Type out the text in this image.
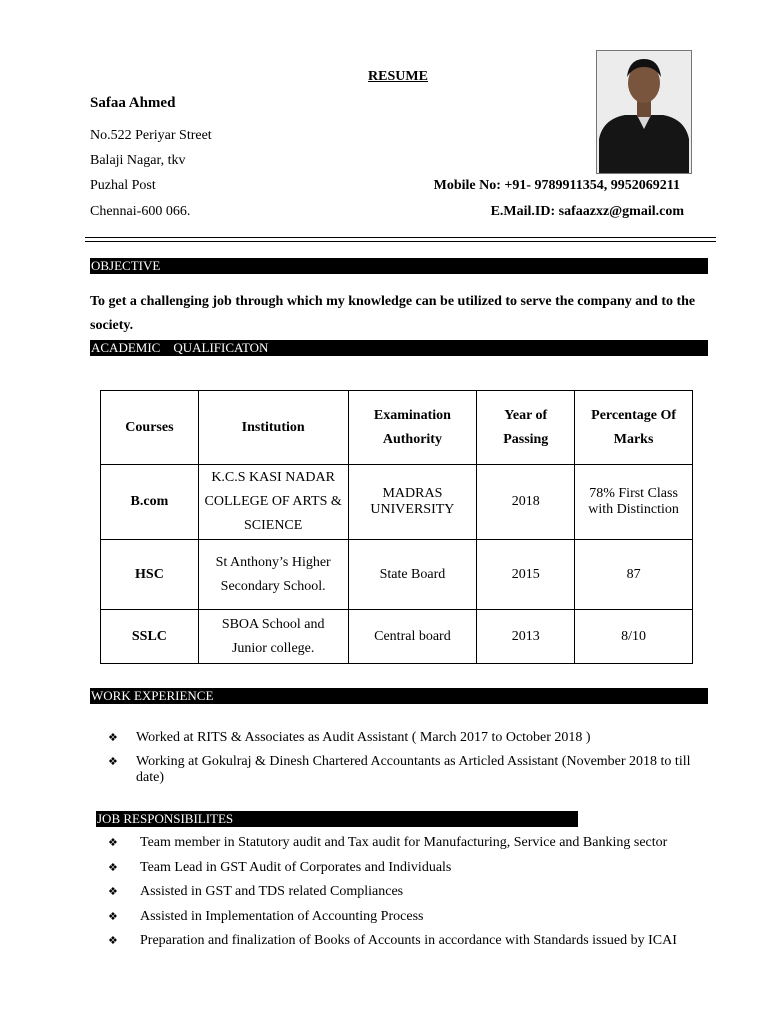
RESUME
Safaa Ahmed
No.522 Periyar Street
Balaji Nagar, tkv
Puzhal Post
Chennai-600 066.
Mobile No: +91- 9789911354, 9952069211
E.Mail.ID: safaazxz@gmail.com
OBJECTIVE
To get a challenging job through which my knowledge can be utilized to serve the company and to the society.
ACADEMIC    QUALIFICATON
Courses	Institution	Examination Authority	Year of Passing	Percentage Of Marks
B.com	K.C.S KASI NADAR COLLEGE OF ARTS & SCIENCE	MADRAS UNIVERSITY	2018	78% First Class with Distinction
HSC	St Anthony’s Higher Secondary School.	State Board	2015	87
SSLC	SBOA School and Junior college.	Central board	2013	8/10
WORK EXPERIENCE
❖ Worked at RITS & Associates as Audit Assistant ( March 2017 to October 2018 )
❖ Working at Gokulraj & Dinesh Chartered Accountants as Articled Assistant (November 2018 to till date)
JOB RESPONSIBILITES
❖ Team member in Statutory audit and Tax audit for Manufacturing, Service and Banking sector
❖ Team Lead in GST Audit of Corporates and Individuals
❖ Assisted in GST and TDS related Compliances
❖ Assisted in Implementation of Accounting Process
❖ Preparation and finalization of Books of Accounts in accordance with Standards issued by ICAI
